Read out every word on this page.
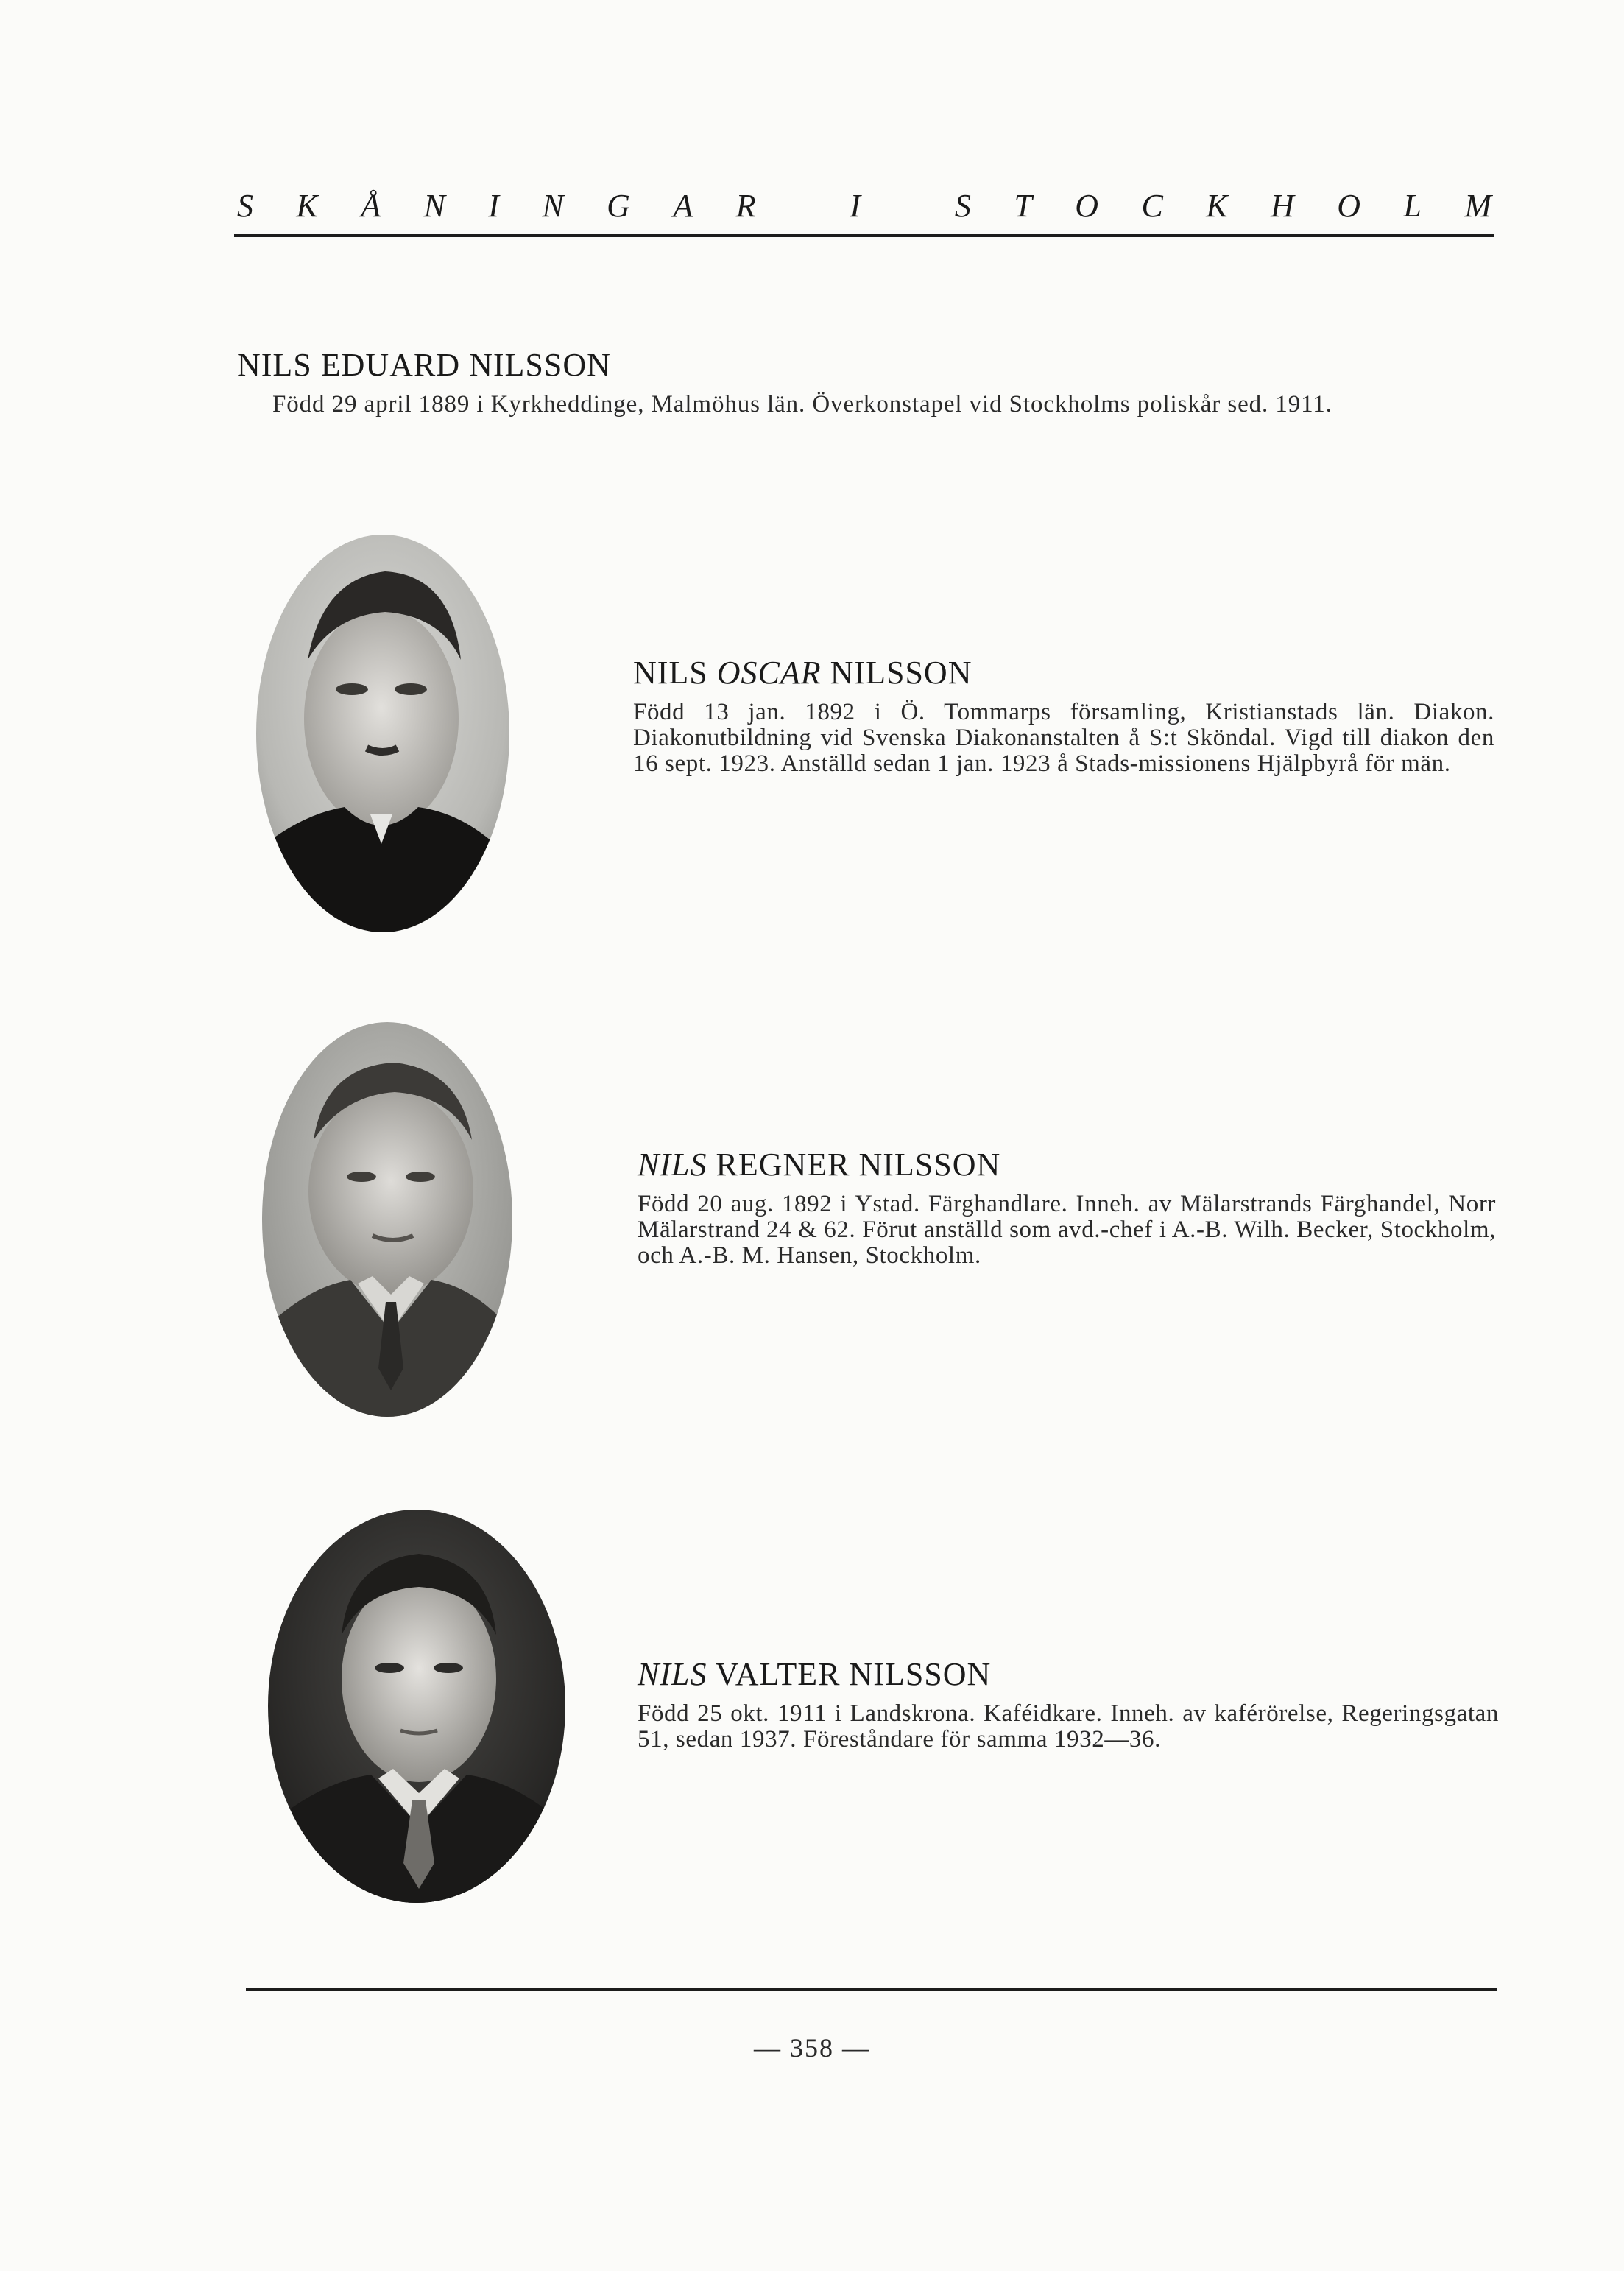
S K Å N I N G A R
	I
	S T O C K H O L M
NILS EDUARD NILSSON
Född 29 april 1889 i Kyrkheddinge, Malmöhus län. Överkonstapel vid Stockholms poliskår sed. 1911.
NILS OSCAR NILSSON
Född 13 jan. 1892 i Ö. Tommarps församling, Kristianstads län. Diakon. Diakonutbildning vid Svenska Diakonanstalten å S:t Sköndal. Vigd till diakon den 16 sept. 1923. Anställd sedan 1 jan. 1923 å Stads-missionens Hjälpbyrå för män.
NILS REGNER NILSSON
Född 20 aug. 1892 i Ystad. Färghandlare. Inneh. av Mälarstrands Färghandel, Norr Mälarstrand 24 & 62. Förut anställd som avd.-chef i A.-B. Wilh. Becker, Stockholm, och A.-B. M. Hansen, Stockholm.
NILS VALTER NILSSON
Född 25 okt. 1911 i Landskrona. Kaféidkare. Inneh. av kaférörelse, Regeringsgatan 51, sedan 1937. Föreståndare för samma 1932—36.
— 358 —
